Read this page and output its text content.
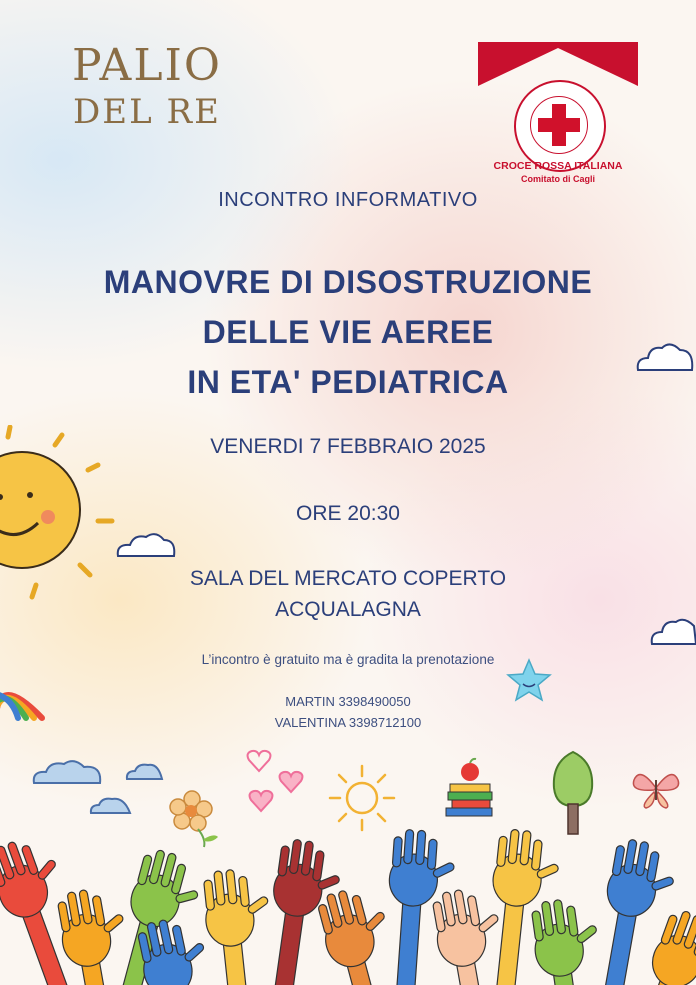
PALIO
DEL RE
CROCE ROSSA ITALIANA
Comitato di Cagli
INCONTRO INFORMATIVO
MANOVRE DI DISOSTRUZIONE
DELLE VIE AEREE
IN ETA' PEDIATRICA
VENERDI 7 FEBBRAIO 2025
ORE 20:30
SALA DEL MERCATO COPERTO
ACQUALAGNA
L’incontro è gratuito ma è gradita la prenotazione
MARTIN 3398490050
VALENTINA 3398712100
